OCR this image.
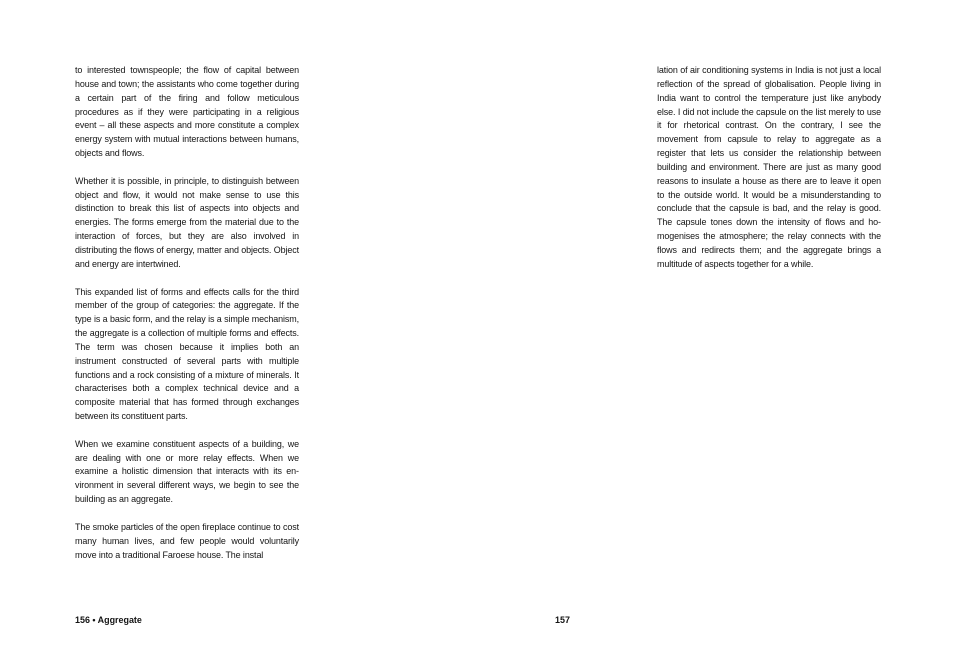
to interested townspeople; the flow of capital between house and town; the assistants who come together during a certain part of the firing and follow meticulous procedures as if they were participating in a religious event – all these aspects and more constitute a complex energy system with mutual interactions between humans, objects and flows.

Whether it is possible, in principle, to distinguish between object and flow, it would not make sense to use this distinction to break this list of aspects into objects and energies. The forms emerge from the material due to the interaction of forces, but they are also involved in distributing the flows of energy, matter and objects. Object and energy are intertwined.

This expanded list of forms and effects calls for the third member of the group of categories: the aggregate. If the type is a basic form, and the relay is a simple mechanism, the aggregate is a collection of multiple forms and effects. The term was chosen because it implies both an instrument constructed of several parts with multiple functions and a rock consisting of a mixture of minerals. It characterises both a complex technical device and a composite material that has formed through exchanges between its constituent parts.

When we examine constituent aspects of a building, we are dealing with one or more relay effects. When we examine a holistic dimension that interacts with its environment in several different ways, we begin to see the building as an aggregate.

The smoke particles of the open fireplace continue to cost many human lives, and few people would voluntarily move into a traditional Faroese house. The instal

lation of air conditioning systems in India is not just a local reflection of the spread of globalisation. People living in India want to control the temperature just like anybody else. I did not include the capsule on the list merely to use it for rhetorical contrast. On the contrary, I see the movement from capsule to relay to aggregate as a register that lets us consider the relationship between building and environment. There are just as many good reasons to insulate a house as there are to leave it open to the outside world. It would be a misunderstanding to conclude that the capsule is bad, and the relay is good. The capsule tones down the intensity of flows and homogenises the atmosphere; the relay connects with the flows and redirects them; and the aggregate brings a multitude of aspects together for a while.

156 • Aggregate	157
